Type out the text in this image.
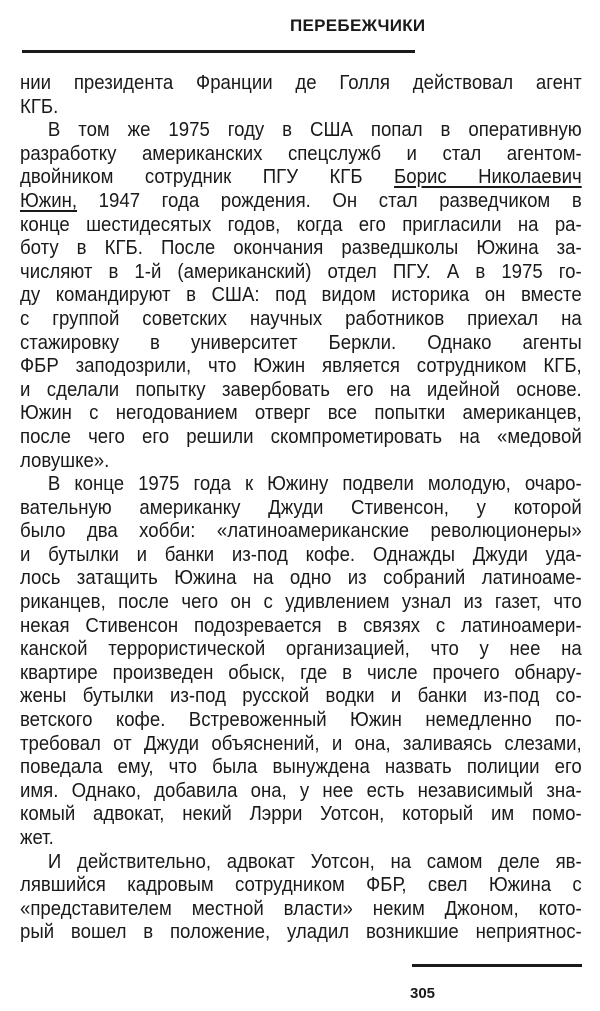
ПЕРЕБЕЖЧИКИ
нии президента Франции де Голля действовал агент
КГБ.
В том же 1975 году в США попал в оперативную
разработку американских спецслужб и стал агентом-
двойником сотрудник ПГУ КГБ Борис Николаевич
Южин, 1947 года рождения. Он стал разведчиком в
конце шестидесятых годов, когда его пригласили на ра-
боту в КГБ. После окончания разведшколы Южина за-
числяют в 1-й (американский) отдел ПГУ. А в 1975 го-
ду командируют в США: под видом историка он вместе
с группой советских научных работников приехал на
стажировку в университет Беркли. Однако агенты
ФБР заподозрили, что Южин является сотрудником КГБ,
и сделали попытку завербовать его на идейной основе.
Южин с негодованием отверг все попытки американцев,
после чего его решили скомпрометировать на «медовой
ловушке».
В конце 1975 года к Южину подвели молодую, очаро-
вательную американку Джуди Стивенсон, у которой
было два хобби: «латиноамериканские революционеры»
и бутылки и банки из-под кофе. Однажды Джуди уда-
лось затащить Южина на одно из собраний латиноаме-
риканцев, после чего он с удивлением узнал из газет, что
некая Стивенсон подозревается в связях с латиноамери-
канской террористической организацией, что у нее на
квартире произведен обыск, где в числе прочего обнару-
жены бутылки из-под русской водки и банки из-под со-
ветского кофе. Встревоженный Южин немедленно по-
требовал от Джуди объяснений, и она, заливаясь слезами,
поведала ему, что была вынуждена назвать полиции его
имя. Однако, добавила она, у нее есть независимый зна-
комый адвокат, некий Лэрри Уотсон, который им помо-
жет.
И действительно, адвокат Уотсон, на самом деле яв-
лявшийся кадровым сотрудником ФБР, свел Южина с
«представителем местной власти» неким Джоном, кото-
рый вошел в положение, уладил возникшие неприятнос-
305
